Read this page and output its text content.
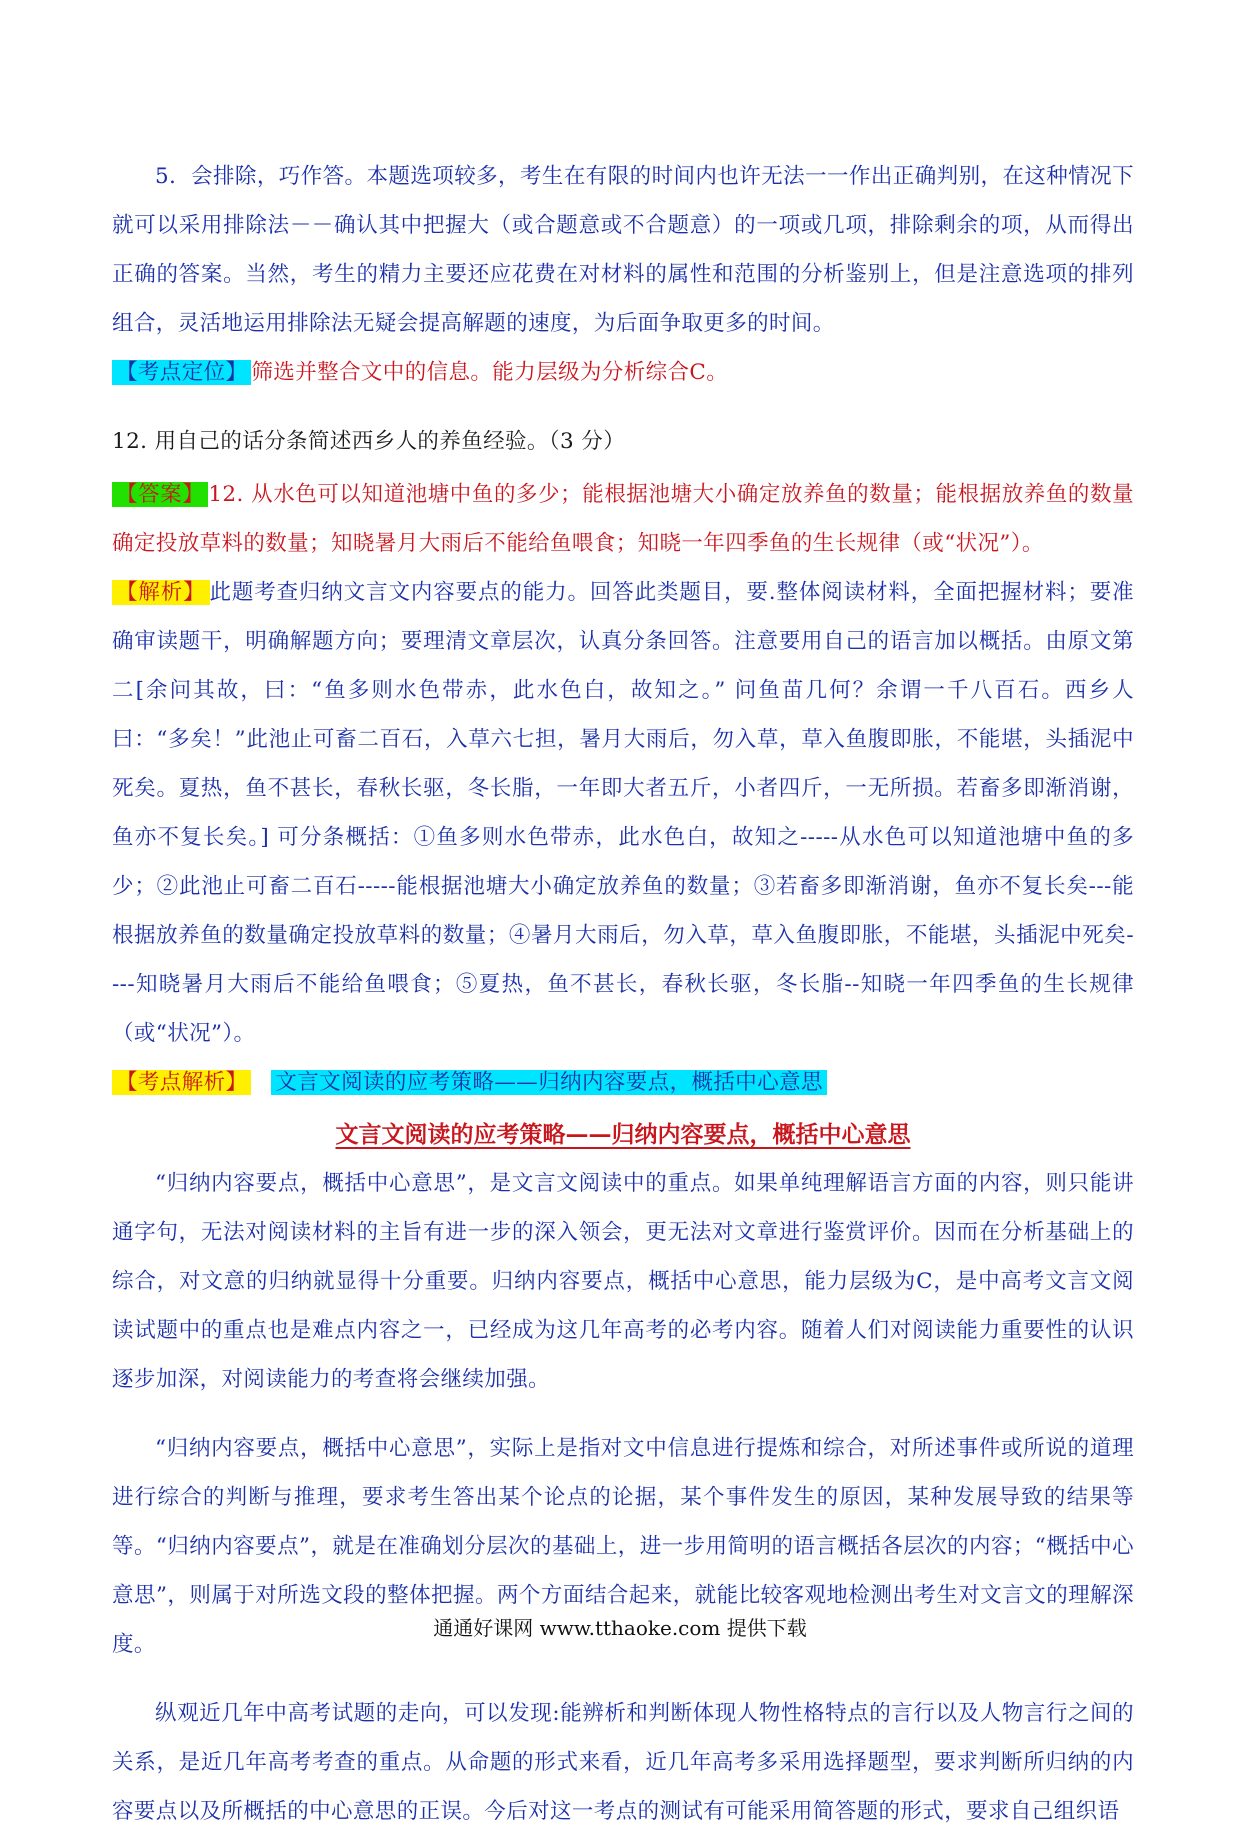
5．会排除，巧作答。本题选项较多，考生在有限的时间内也许无法一一作出正确判别，在这种情况下就可以采用排除法－－确认其中把握大（或合题意或不合题意）的一项或几项，排除剩余的项，从而得出正确的答案。当然，考生的精力主要还应花费在对材料的属性和范围的分析鉴别上，但是注意选项的排列组合，灵活地运用排除法无疑会提高解题的速度，为后面争取更多的时间。

【考点定位】 筛选并整合文中的信息。能力层级为分析综合C。

12. 用自己的话分条简述西乡人的养鱼经验。（3 分）

【答案】 12. 从水色可以知道池塘中鱼的多少；能根据池塘大小确定放养鱼的数量；能根据放养鱼的数量确定投放草料的数量；知晓暑月大雨后不能给鱼喂食；知晓一年四季鱼的生长规律（或“状况”）。

【解析】 此题考查归纳文言文内容要点的能力。回答此类题目，要.整体阅读材料，全面把握材料；要准确审读题干，明确解题方向；要理清文章层次，认真分条回答。注意要用自己的语言加以概括。由原文第二[余问其故，曰：“鱼多则水色带赤，此水色白，故知之。” 问鱼苗几何？余谓一千八百石。西乡人曰：“多矣！”此池止可畜二百石，入草六七担，暑月大雨后，勿入草，草入鱼腹即胀，不能堪，头插泥中死矣。夏热，鱼不甚长，春秋长驱，冬长脂，一年即大者五斤，小者四斤，一无所损。若畜多即渐消谢，鱼亦不复长矣。] 可分条概括：①鱼多则水色带赤，此水色白，故知之-----从水色可以知道池塘中鱼的多少；②此池止可畜二百石-----能根据池塘大小确定放养鱼的数量；③若畜多即渐消谢，鱼亦不复长矣---能根据放养鱼的数量确定投放草料的数量；④暑月大雨后，勿入草，草入鱼腹即胀，不能堪，头插泥中死矣----知晓暑月大雨后不能给鱼喂食；⑤夏热，鱼不甚长，春秋长驱，冬长脂--知晓一年四季鱼的生长规律（或“状况”）。

【考点解析】 文言文阅读的应考策略——归纳内容要点，概括中心意思

文言文阅读的应考策略——归纳内容要点，概括中心意思

“归纳内容要点，概括中心意思”，是文言文阅读中的重点。如果单纯理解语言方面的内容，则只能讲通字句，无法对阅读材料的主旨有进一步的深入领会，更无法对文章进行鉴赏评价。因而在分析基础上的综合，对文意的归纳就显得十分重要。归纳内容要点，概括中心意思，能力层级为C，是中高考文言文阅读试题中的重点也是难点内容之一，已经成为这几年高考的必考内容。随着人们对阅读能力重要性的认识逐步加深，对阅读能力的考查将会继续加强。

“归纳内容要点，概括中心意思”，实际上是指对文中信息进行提炼和综合，对所述事件或所说的道理进行综合的判断与推理，要求考生答出某个论点的论据，某个事件发生的原因，某种发展导致的结果等等。“归纳内容要点”，就是在准确划分层次的基础上，进一步用简明的语言概括各层次的内容；“概括中心意思”，则属于对所选文段的整体把握。两个方面结合起来，就能比较客观地检测出考生对文言文的理解深度。

纵观近几年中高考试题的走向，可以发现:能辨析和判断体现人物性格特点的言行以及人物言行之间的关系，是近几年高考考查的重点。从命题的形式来看，近几年高考多采用选择题型，要求判断所归纳的内容要点以及所概括的中心意思的正误。今后对这一考点的测试有可能采用简答题的形式，要求自己组织语

通通好课网 www.tthaoke.com 提供下载
